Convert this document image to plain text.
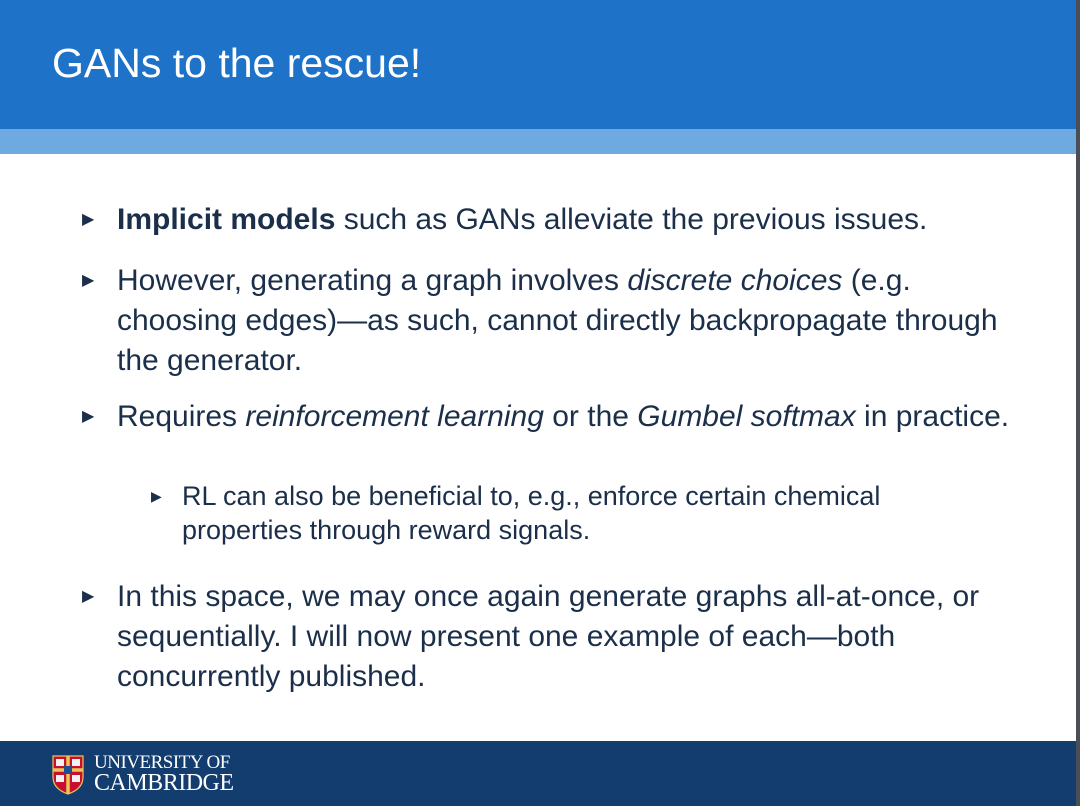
GANs to the rescue!
▶ Implicit models such as GANs alleviate the previous issues.
▶ However, generating a graph involves discrete choices (e.g. choosing edges)—as such, cannot directly backpropagate through the generator.
▶ Requires reinforcement learning or the Gumbel softmax in practice.
▶ RL can also be beneficial to, e.g., enforce certain chemical properties through reward signals.
▶ In this space, we may once again generate graphs all-at-once, or sequentially. I will now present one example of each—both concurrently published.
UNIVERSITY OF
CAMBRIDGE
